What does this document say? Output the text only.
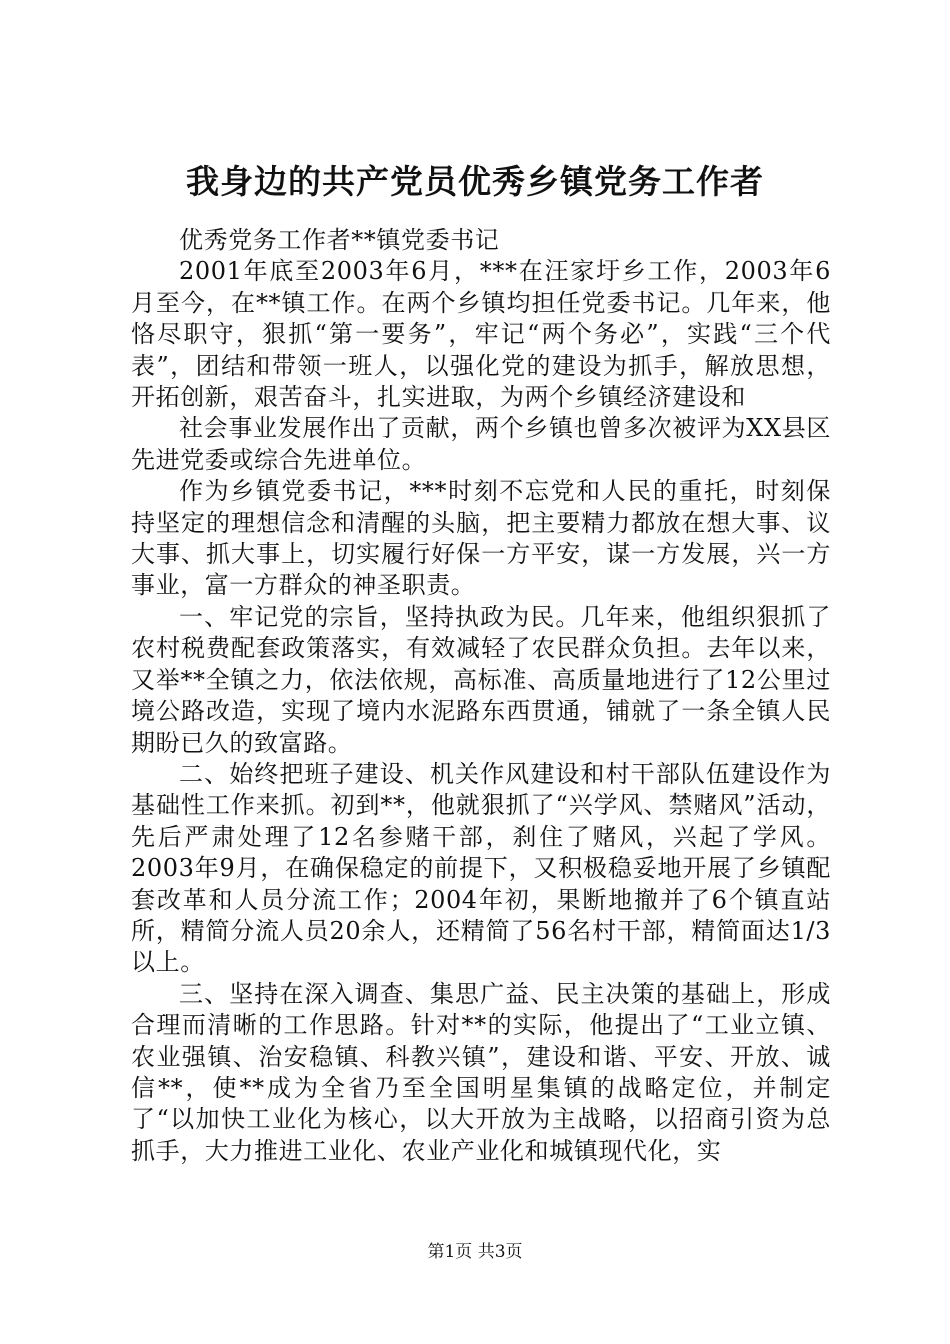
我身边的共产党员优秀乡镇党务工作者

优秀党务工作者**镇党委书记

2001年底至2003年6月，***在汪家圩乡工作，2003年6月至今，在**镇工作。在两个乡镇均担任党委书记。几年来，他恪尽职守，狠抓“第一要务”，牢记“两个务必”，实践“三个代表”，团结和带领一班人，以强化党的建设为抓手，解放思想，开拓创新，艰苦奋斗，扎实进取，为两个乡镇经济建设和

社会事业发展作出了贡献，两个乡镇也曾多次被评为XX县区先进党委或综合先进单位。

作为乡镇党委书记，***时刻不忘党和人民的重托，时刻保持坚定的理想信念和清醒的头脑，把主要精力都放在想大事、议大事、抓大事上，切实履行好保一方平安，谋一方发展，兴一方事业，富一方群众的神圣职责。

一、牢记党的宗旨，坚持执政为民。几年来，他组织狠抓了农村税费配套政策落实，有效减轻了农民群众负担。去年以来，又举**全镇之力，依法依规，高标准、高质量地进行了12公里过境公路改造，实现了境内水泥路东西贯通，铺就了一条全镇人民期盼已久的致富路。

二、始终把班子建设、机关作风建设和村干部队伍建设作为基础性工作来抓。初到**，他就狠抓了“兴学风、禁赌风”活动，先后严肃处理了12名参赌干部，刹住了赌风，兴起了学风。2003年9月，在确保稳定的前提下，又积极稳妥地开展了乡镇配套改革和人员分流工作；2004年初，果断地撤并了6个镇直站所，精简分流人员20余人，还精简了56名村干部，精简面达1/3以上。

三、坚持在深入调查、集思广益、民主决策的基础上，形成合理而清晰的工作思路。针对**的实际，他提出了“工业立镇、农业强镇、治安稳镇、科教兴镇”，建设和谐、平安、开放、诚信**，使**成为全省乃至全国明星集镇的战略定位，并制定了“以加快工业化为核心，以大开放为主战略，以招商引资为总抓手，大力推进工业化、农业产业化和城镇现代化，实

第1页 共3页
